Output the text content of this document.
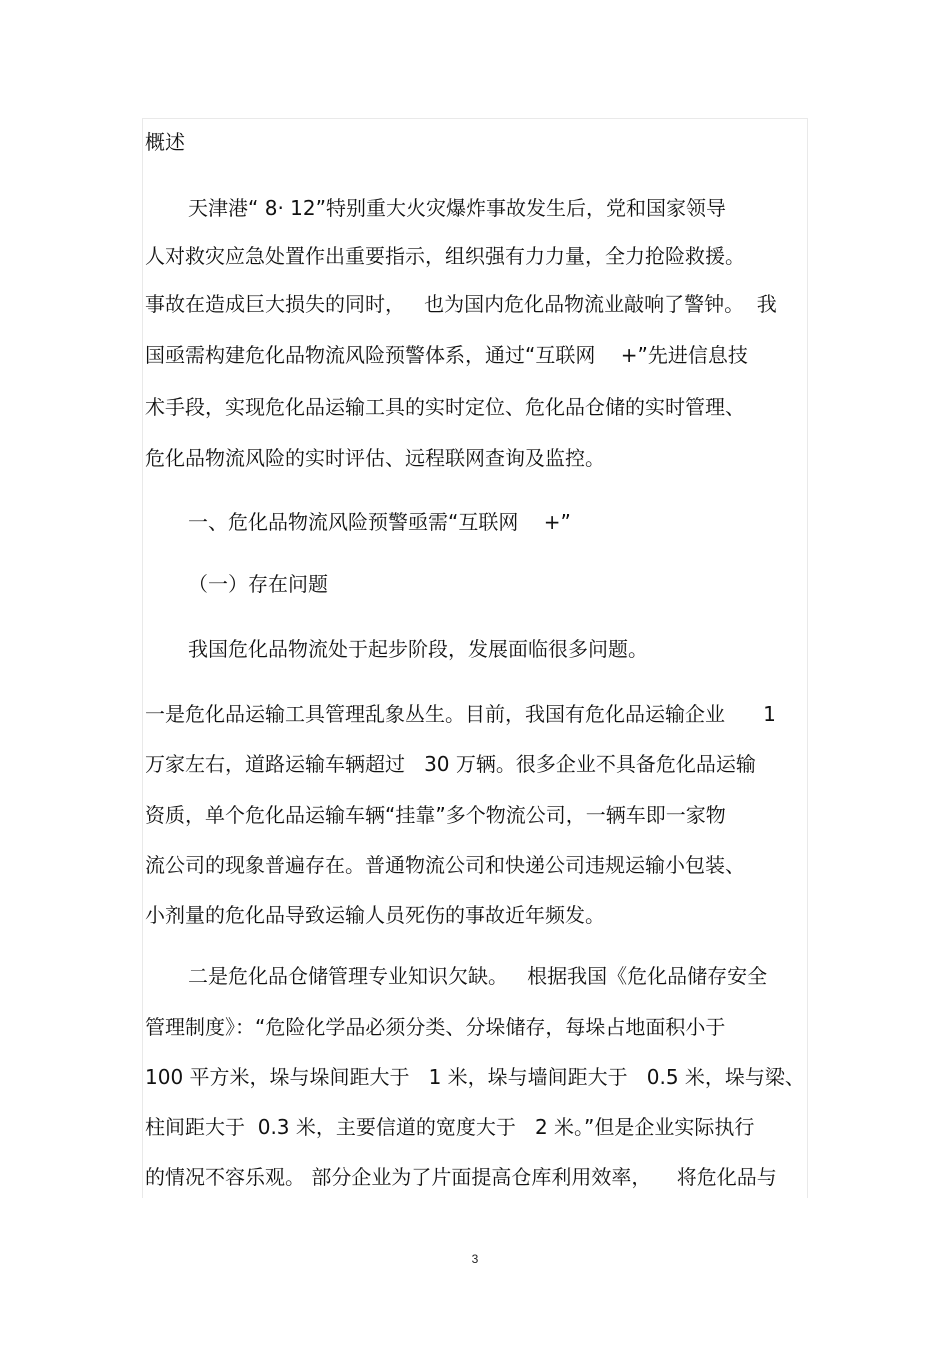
概述

天津港“ 8· 12”特别重大火灾爆炸事故发生后，党和国家领导

人对救灾应急处置作出重要指示，组织强有力力量，全力抢险救援。

事故在造成巨大损失的同时，   也为国内危化品物流业敲响了警钟。  我

国亟需构建危化品物流风险预警体系，通过“互联网    +”先进信息技

术手段，实现危化品运输工具的实时定位、危化品仓储的实时管理、

危化品物流风险的实时评估、远程联网查询及监控。

一、危化品物流风险预警亟需“互联网    +”

（一）存在问题

我国危化品物流处于起步阶段，发展面临很多问题。

一是危化品运输工具管理乱象丛生。目前，我国有危化品运输企业      1

万家左右，道路运输车辆超过   30 万辆。很多企业不具备危化品运输

资质，单个危化品运输车辆“挂靠”多个物流公司，一辆车即一家物

流公司的现象普遍存在。普通物流公司和快递公司违规运输小包装、

小剂量的危化品导致运输人员死伤的事故近年频发。

二是危化品仓储管理专业知识欠缺。   根据我国《危化品储存安全

管理制度》：“危险化学品必须分类、分垛储存，每垛占地面积小于

100 平方米，垛与垛间距大于   1 米，垛与墙间距大于   0.5 米，垛与梁、

柱间距大于  0.3 米，主要信道的宽度大于   2 米。”但是企业实际执行

的情况不容乐观。 部分企业为了片面提高仓库利用效率，    将危化品与

3
